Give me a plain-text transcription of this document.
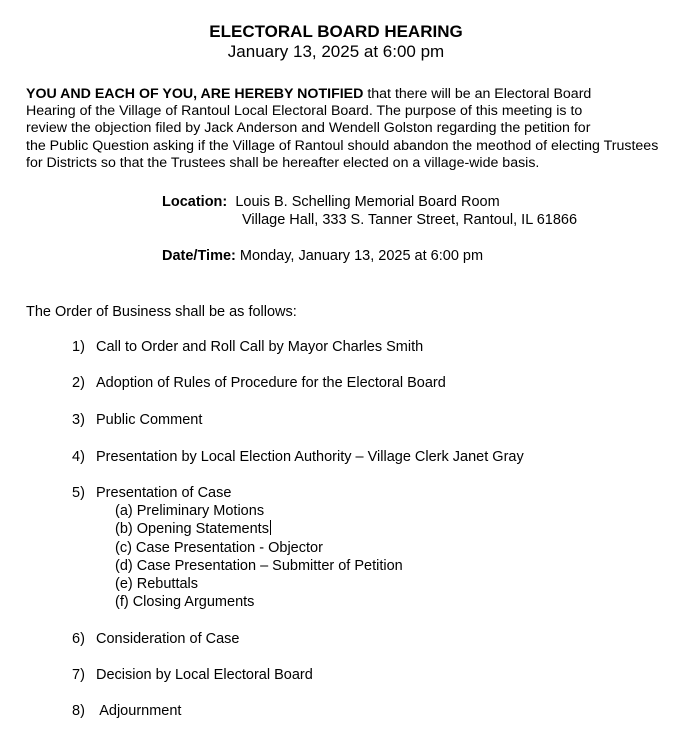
ELECTORAL BOARD HEARING
January 13, 2025 at 6:00 pm
YOU AND EACH OF YOU, ARE HEREBY NOTIFIED that there will be an Electoral Board
Hearing of the Village of Rantoul Local Electoral Board. The purpose of this meeting is to
review the objection filed by Jack Anderson and Wendell Golston regarding the petition for
the Public Question asking if the Village of Rantoul should abandon the meothod of electing Trustees
for Districts so that the Trustees shall be hereafter elected on a village-wide basis.
Location: Louis B. Schelling Memorial Board Room
Village Hall, 333 S. Tanner Street, Rantoul, IL 61866
Date/Time: Monday, January 13, 2025 at 6:00 pm
The Order of Business shall be as follows:
1) Call to Order and Roll Call by Mayor Charles Smith
2) Adoption of Rules of Procedure for the Electoral Board
3) Public Comment
4) Presentation by Local Election Authority – Village Clerk Janet Gray
5) Presentation of Case
(a) Preliminary Motions
(b) Opening Statements
(c) Case Presentation - Objector
(d) Case Presentation – Submitter of Petition
(e) Rebuttals
(f) Closing Arguments
6) Consideration of Case
7) Decision by Local Electoral Board
8) Adjournment
